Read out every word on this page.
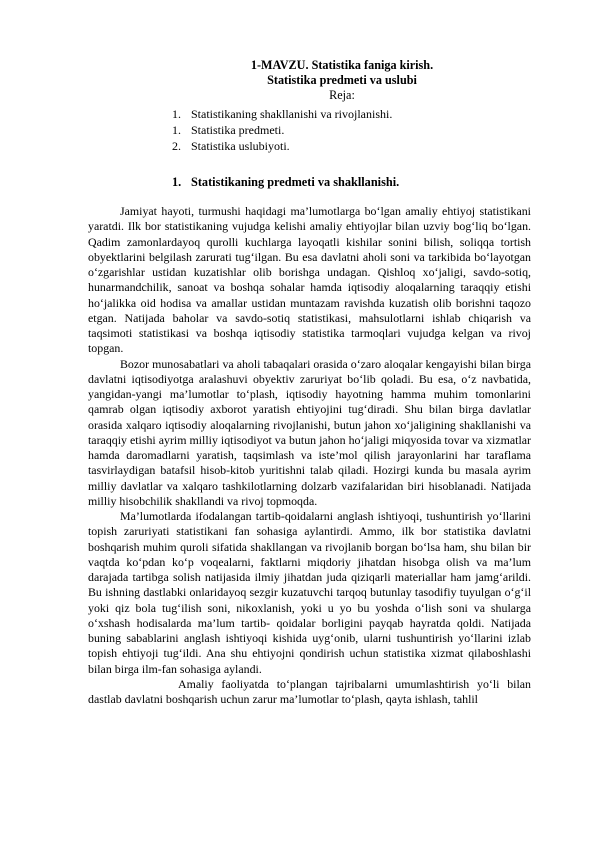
1-MAVZU. Statistika faniga kirish.
Statistika predmeti va uslubi
Reja:
1. Statistikaning shakllanishi va rivojlanishi.
1. Statistika predmeti.
2. Statistika uslubiyoti.
1. Statistikaning predmeti va shakllanishi.

Jamiyat hayoti, turmushi haqidagi ma’lumotlarga bo‘lgan amaliy ehtiyoj statistikani yaratdi. Ilk bor statistikaning vujudga kelishi amaliy ehtiyojlar bilan uzviy bog‘liq bo‘lgan. Qadim zamonlardayoq qurolli kuchlarga layoqatli kishilar sonini bilish, soliqqa tortish obyektlarini belgilash zarurati tug‘ilgan. Bu esa davlatni aholi soni va tarkibida bo‘layotgan o‘zgarishlar ustidan kuzatishlar olib borishga undagan. Qishloq xo‘jaligi, savdo-sotiq, hunarmandchilik, sanoat va boshqa sohalar hamda iqtisodiy aloqalarning taraqqiy etishi ho‘jalikka oid hodisa va amallar ustidan muntazam ravishda kuzatish olib borishni taqozo etgan. Natijada baholar va savdo-sotiq statistikasi, mahsulotlarni ishlab chiqarish va taqsimoti statistikasi va boshqa iqtisodiy statistika tarmoqlari vujudga kelgan va rivoj topgan.

Bozor munosabatlari va aholi tabaqalari orasida o‘zaro aloqalar kengayishi bilan birga davlatni iqtisodiyotga aralashuvi obyektiv zaruriyat bo‘lib qoladi. Bu esa, o‘z navbatida, yangidan-yangi ma’lumotlar to‘plash, iqtisodiy hayotning hamma muhim tomonlarini qamrab olgan iqtisodiy axborot yaratish ehtiyojini tug‘diradi. Shu bilan birga davlatlar orasida xalqaro iqtisodiy aloqalarning rivojlanishi, butun jahon xo‘jaligining shakllanishi va taraqqiy etishi ayrim milliy iqtisodiyot va butun jahon ho‘jaligi miqyosida tovar va xizmatlar hamda daromadlarni yaratish, taqsimlash va iste’mol qilish jarayonlarini har taraflama tasvirlaydigan batafsil hisob-kitob yuritishni talab qiladi. Hozirgi kunda bu masala ayrim milliy davlatlar va xalqaro tashkilotlarning dolzarb vazifalaridan biri hisoblanadi. Natijada milliy hisobchilik shakllandi va rivoj topmoqda.

Ma’lumotlarda ifodalangan tartib-qoidalarni anglash ishtiyoqi, tushuntirish yo‘llarini topish zaruriyati statistikani fan sohasiga aylantirdi. Ammo, ilk bor statistika davlatni boshqarish muhim quroli sifatida shakllangan va rivojlanib borgan bo‘lsa ham, shu bilan bir vaqtda ko‘pdan ko‘p voqealarni, faktlarni miqdoriy jihatdan hisobga olish va ma’lum darajada tartibga solish natijasida ilmiy jihatdan juda qiziqarli materiallar ham jamg‘arildi. Bu ishning dastlabki onlaridayoq sezgir kuzatuvchi tarqoq butunlay tasodifiy tuyulgan o‘g‘il yoki qiz bola tug‘ilish soni, nikoxlanish, yoki u yo bu yoshda o‘lish soni va shularga o‘xshash hodisalarda ma’lum tartib- qoidalar borligini payqab hayratda qoldi. Natijada buning sabablarini anglash ishtiyoqi kishida uyg‘onib, ularni tushuntirish yo‘llarini izlab topish ehtiyoji tug‘ildi. Ana shu ehtiyojni qondirish uchun statistika xizmat qilaboshlashi bilan birga ilm-fan sohasiga aylandi.

Amaliy faoliyatda to‘plangan tajribalarni umumlashtirish yo‘li bilan dastlab davlatni boshqarish uchun zarur ma’lumotlar to‘plash, qayta ishlash, tahlil
